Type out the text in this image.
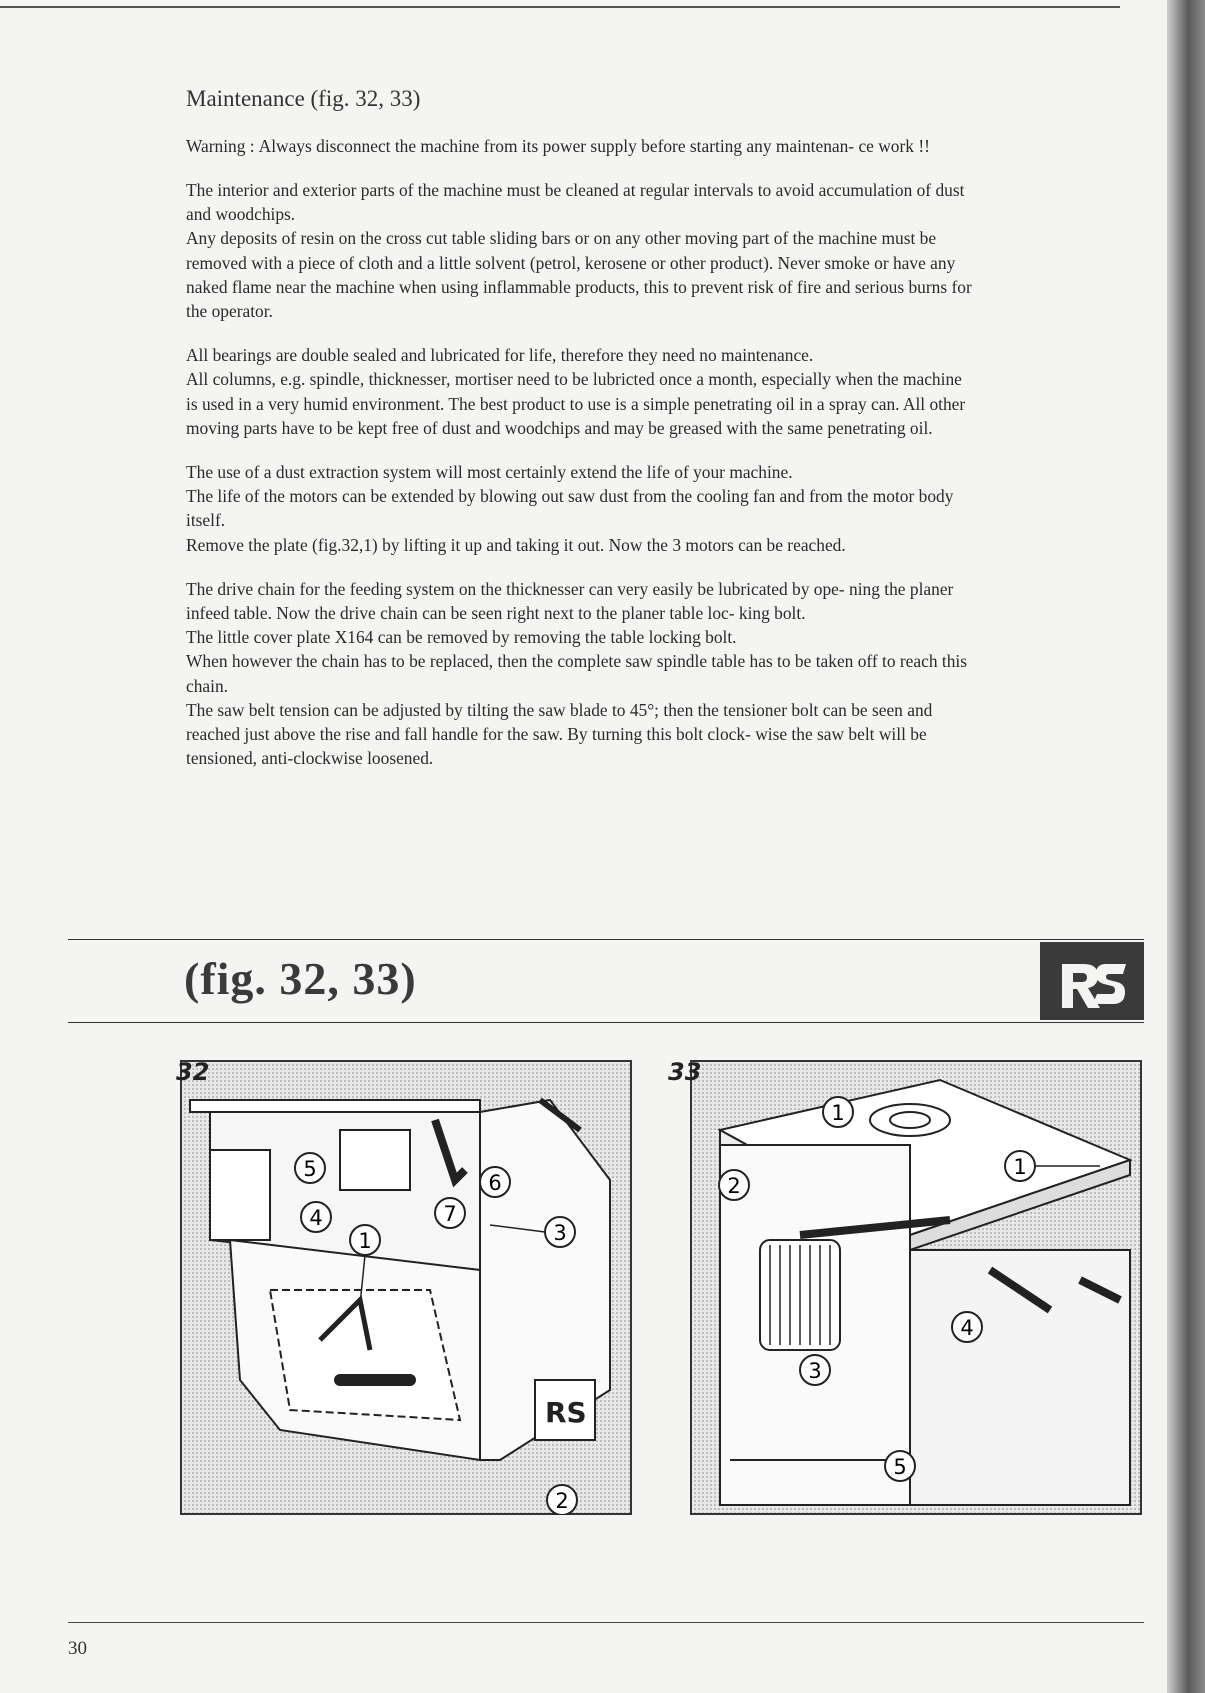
Maintenance (fig. 32, 33)
Warning : Always disconnect the machine from its power supply before starting any maintenan- ce work !!

The interior and exterior parts of the machine must be cleaned at regular intervals to avoid accumulation of dust and woodchips.

Any deposits of resin on the cross cut table sliding bars or on any other moving part of the machine must be removed with a piece of cloth and a little solvent (petrol, kerosene or other product). Never smoke or have any naked flame near the machine when using inflammable products, this to prevent risk of fire and serious burns for the operator.

All bearings are double sealed and lubricated for life, therefore they need no maintenance.

All columns, e.g. spindle, thicknesser, mortiser need to be lubricted once a month, especially when the machine is used in a very humid environment. The best product to use is a simple penetrating oil in a spray can. All other moving parts have to be kept free of dust and woodchips and may be greased with the same penetrating oil.

The use of a dust extraction system will most certainly extend the life of your machine.

The life of the motors can be extended by blowing out saw dust from the cooling fan and from the motor body itself.

Remove the plate (fig.32,1) by lifting it up and taking it out. Now the 3 motors can be reached.

The drive chain for the feeding system on the thicknesser can very easily be lubricated by ope- ning the planer infeed table. Now the drive chain can be seen right next to the planer table loc- king bolt.

The little cover plate X164 can be removed by removing the table locking bolt.

When however the chain has to be replaced, then the complete saw spindle table has to be taken off to reach this chain.

The saw belt tension can be adjusted by tilting the saw blade to 45°; then the tensioner bolt can be seen and reached just above the rise and fall handle for the saw. By turning this bolt clock- wise the saw belt will be tensioned, anti-clockwise loosened.

(fig. 32, 33)
RS
1
2
3
4
5
6
7
32
1
1
2
3
4
5
33
30
